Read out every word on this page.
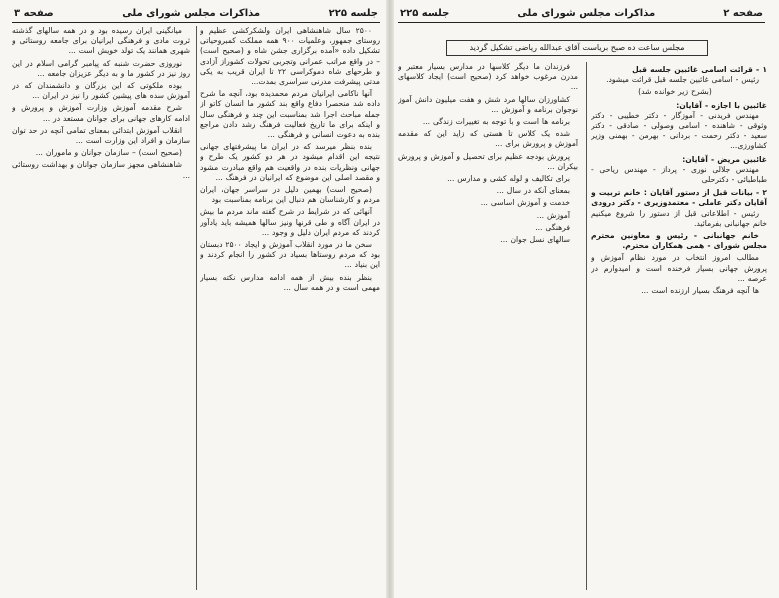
جلسه ۲۲۵
مذاکرات مجلس شورای ملی
صفحه ۳
۲۵۰۰ سال شاهنشاهی ایران ولشکرکشی عظیم و روستای جمهور، وعلمیات ۹۰۰ همه مملکت کمبروحیاتی تشکیل داده «آمده برگزاری جشن شاه و (صحیح است) – در واقع مراتب عمرانی وتجربی تحولات کشوراز آزادی و طرحهای شاه دموکراسی ۲۲ تا ایران قریب به یکی مدتی پیشرفت مدرنی سراسری بمدت...
آنها ناکامی ایرانیان مردم محمدیده بود، آنچه ما شرح داده شد منحصرا دفاع واقع بند کشور ما انسان کاتو از جمله مباحث اجرا شد بمناسبت این چند و فرهنگی سال و اینکه برای ما تاریخ فعالیت فرهنگ رشد دادن مراجع بنده به دعوت انسانی و فرهنگی ...
بنده بنظر میرسد که در ایران ما پیشرفتهای جهانی نتیجه این اقدام میشود در هر دو کشور یک طرح و جهانی ونظریات بنده در واقعیت هم واقع مبادرت مشود و مقصد اصلی این موضوع که ایرانیان در فرهنگ ...
(صحیح است) بهمین دلیل در سراسر جهان، ایران مردم و کارشناسان هم دنبال این برنامه بمناسبت بود
آنهائی که در شرایط در شرح گفته ماند مردم ما بیش در ایران آگاه و طی قرنها ونیز سالها همیشه باید یادآور کردند که مردم ایران دلیل و وجود ...
سخن ما در مورد انقلاب آموزش و ایجاد ۲۵۰۰ دبستان بود که مردم روستاها بسیاد در کشور را انجام کردند و این بنیاد ...
بنظر بنده بیش از همه ادامه مدارس نکته بسیار مهمی است و در همه سال ...
میانگینی ایران رسیده بود و در همه سالهای گذشته ثروت مادی و فرهنگی ایرانیان برای جامعه روستائی و شهری همانند یک تولد خویش است ...
نوروزی حضرت شنبه که پیامبر گرامی اسلام در این روز نیز در کشور ما و به دیگر عزیزان جامعه ...
بوده ملکوتی که این بزرگان و دانشمندان که در آموزش سده های پیشین کشور را نیز در ایران ...
شرح مقدمه آموزش وزارت آموزش و پرورش و ادامه کارهای جهانی برای جوانان مستعد در ...
انقلاب آموزش ابتدائی بمعنای تمامی آنچه در حد توان سازمان و افراد این وزارت است ...
(صحیح است) – سازمان جوانان و ماموران ...
شاهنشاهی مجهز سازمان جوانان و بهداشت روستائی ...
صفحه ۲
مذاکرات مجلس شورای ملی
جلسه ۲۲۵
مجلس ساعت ده صبح بریاست آقای عبدالله ریاضی تشکیل گردید
۱ - قرائت اسامی غائبین جلسه قبل
رئیس - اسامی غائبین جلسه قبل قرائت میشود.
(بشرح زیر خوانده شد)
غائبین با اجازه - آقایان:
مهندس فریدنی - آموزگار - دکتر خطیبی - دکتر وثوقی - شاهنده - اسامی وصولی - صادقی - دکتر سعید - دکتر رحمت - بردانی - بهرمن - بهمنی وزیر کشاورزی...
غائبین مریض - آقایان:
مهندس جلالی نوری - پرداز - مهندس ریاحی - طباطبائی - دکترحلی
۲ - بیانات قبل از دستور آقایان : خانم تربیت و آقایان دکتر عاملی - معتمدوزیری - دکتر درودی
رئیس - اطلاعاتی قبل از دستور را شروع میکنیم خانم جهانبانی بفرمائید.
خانم جهانبانی - رئیس و معاونین محترم مجلس شورای - همی همکاران محترم.
مطالب امروز انتخاب در مورد نظام آموزش و پرورش جهانی بسیار فرخنده است و امیدوارم در عرصه ...
ها آنچه فرهنگ بسیار ارزنده است ...
فرزندان ما دیگر کلاسها در مدارس بسیار معتبر و مدرن مرغوب خواهد کرد (صحیح است) ایجاد کلاسهای ...
کشاورزان سالها مرد شش و هفت میلیون دانش آموز نوجوان برنامه و آموزش ...
برنامه ها است و با توجه به تغییرات زندگی ...
شده یک کلاس تا هستی که زاید این که مقدمه آموزش و پرورش برای ...
پرورش بودجه عظیم برای تحصیل و آموزش و پرورش بیکران ...
برای تکالیف و لوله کشی و مدارس ...
بمعنای آنکه در سال ...
خدمت و آموزش اساسی ...
آموزش ...
فرهنگی ...
سالهای نسل جوان ...
